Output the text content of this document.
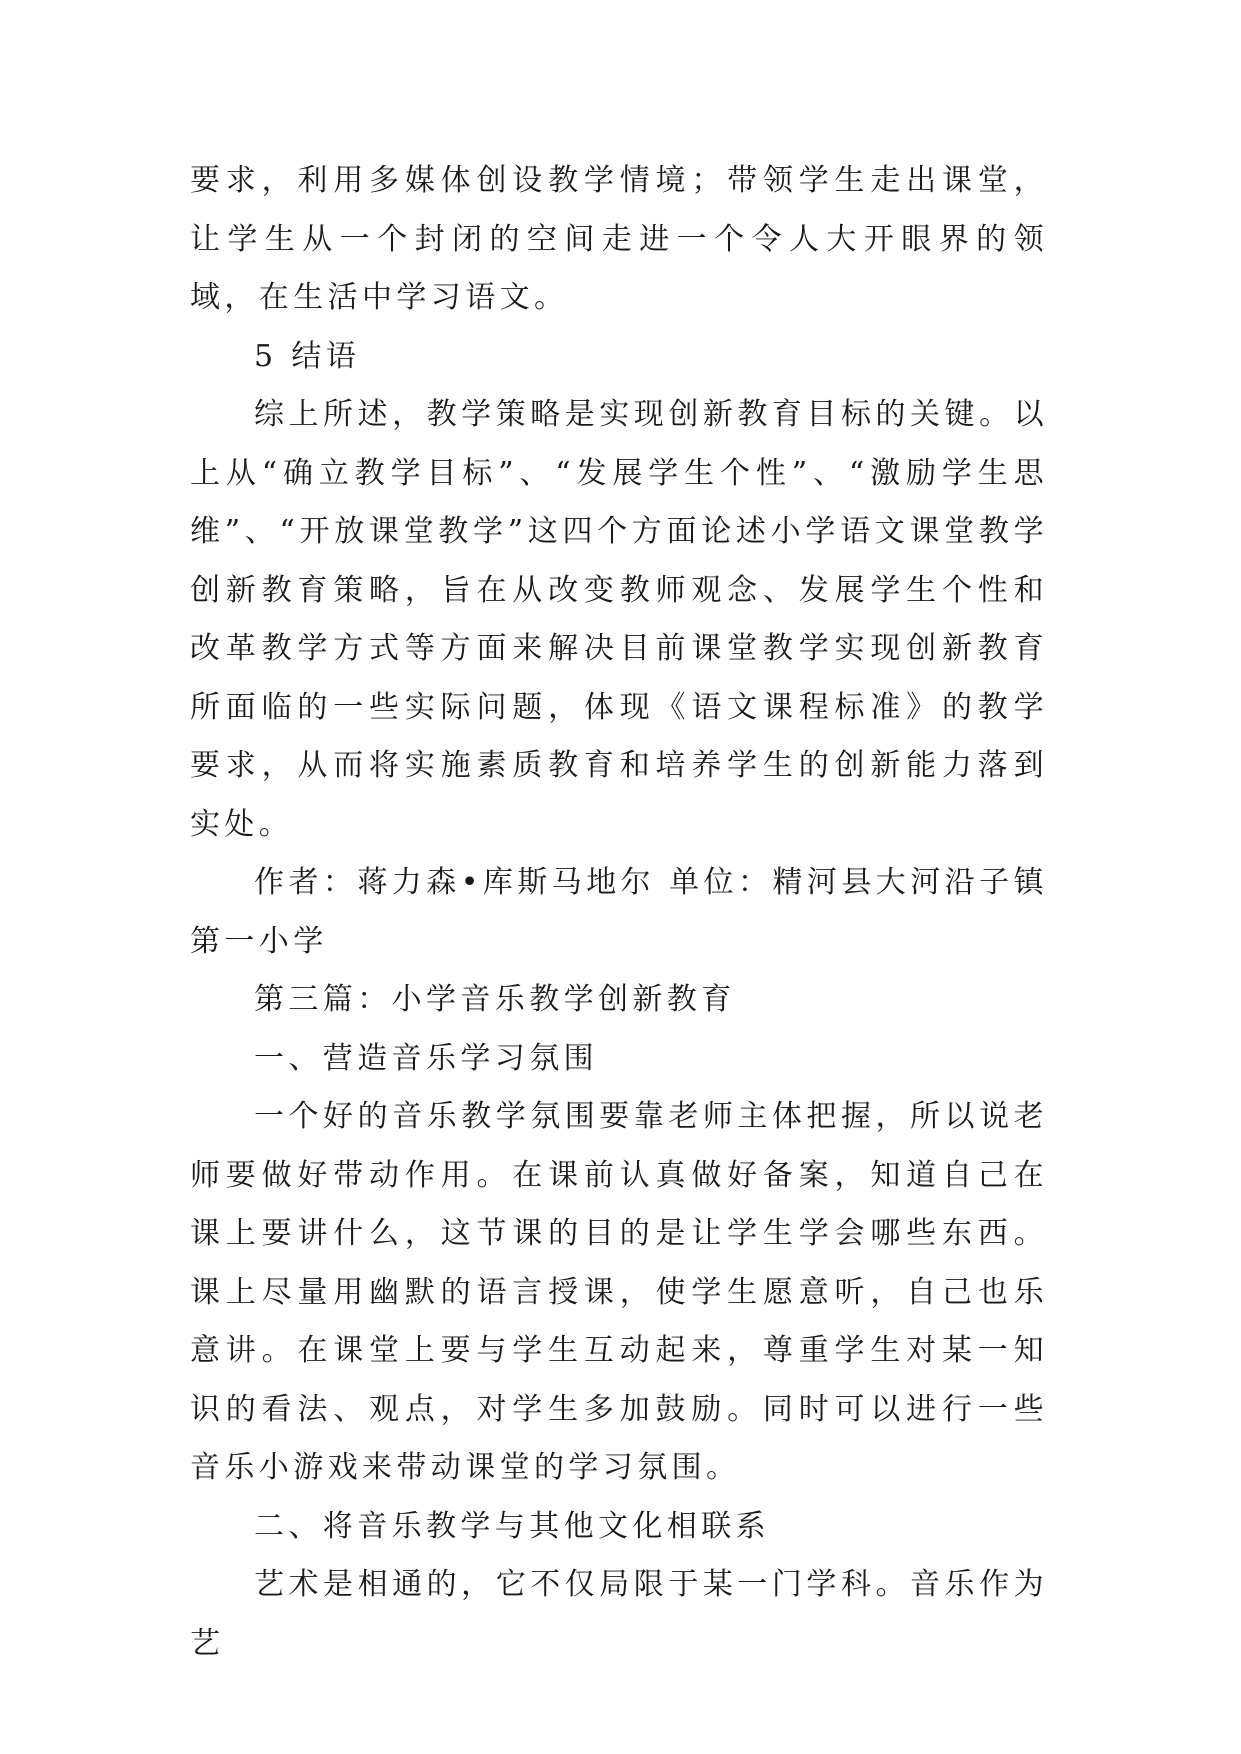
要求，利用多媒体创设教学情境；带领学生走出课堂，让学生从一个封闭的空间走进一个令人大开眼界的领域，在生活中学习语文。

5 结语

综上所述，教学策略是实现创新教育目标的关键。以上从“确立教学目标”、“发展学生个性”、“激励学生思维”、“开放课堂教学”这四个方面论述小学语文课堂教学创新教育策略，旨在从改变教师观念、发展学生个性和改革教学方式等方面来解决目前课堂教学实现创新教育所面临的一些实际问题，体现《语文课程标准》的教学要求，从而将实施素质教育和培养学生的创新能力落到实处。

作者：蒋力森•库斯马地尔 单位：精河县大河沿子镇第一小学

第三篇：小学音乐教学创新教育

一、营造音乐学习氛围

一个好的音乐教学氛围要靠老师主体把握，所以说老师要做好带动作用。在课前认真做好备案，知道自己在课上要讲什么，这节课的目的是让学生学会哪些东西。课上尽量用幽默的语言授课，使学生愿意听，自己也乐意讲。在课堂上要与学生互动起来，尊重学生对某一知识的看法、观点，对学生多加鼓励。同时可以进行一些音乐小游戏来带动课堂的学习氛围。

二、将音乐教学与其他文化相联系

艺术是相通的，它不仅局限于某一门学科。音乐作为艺
